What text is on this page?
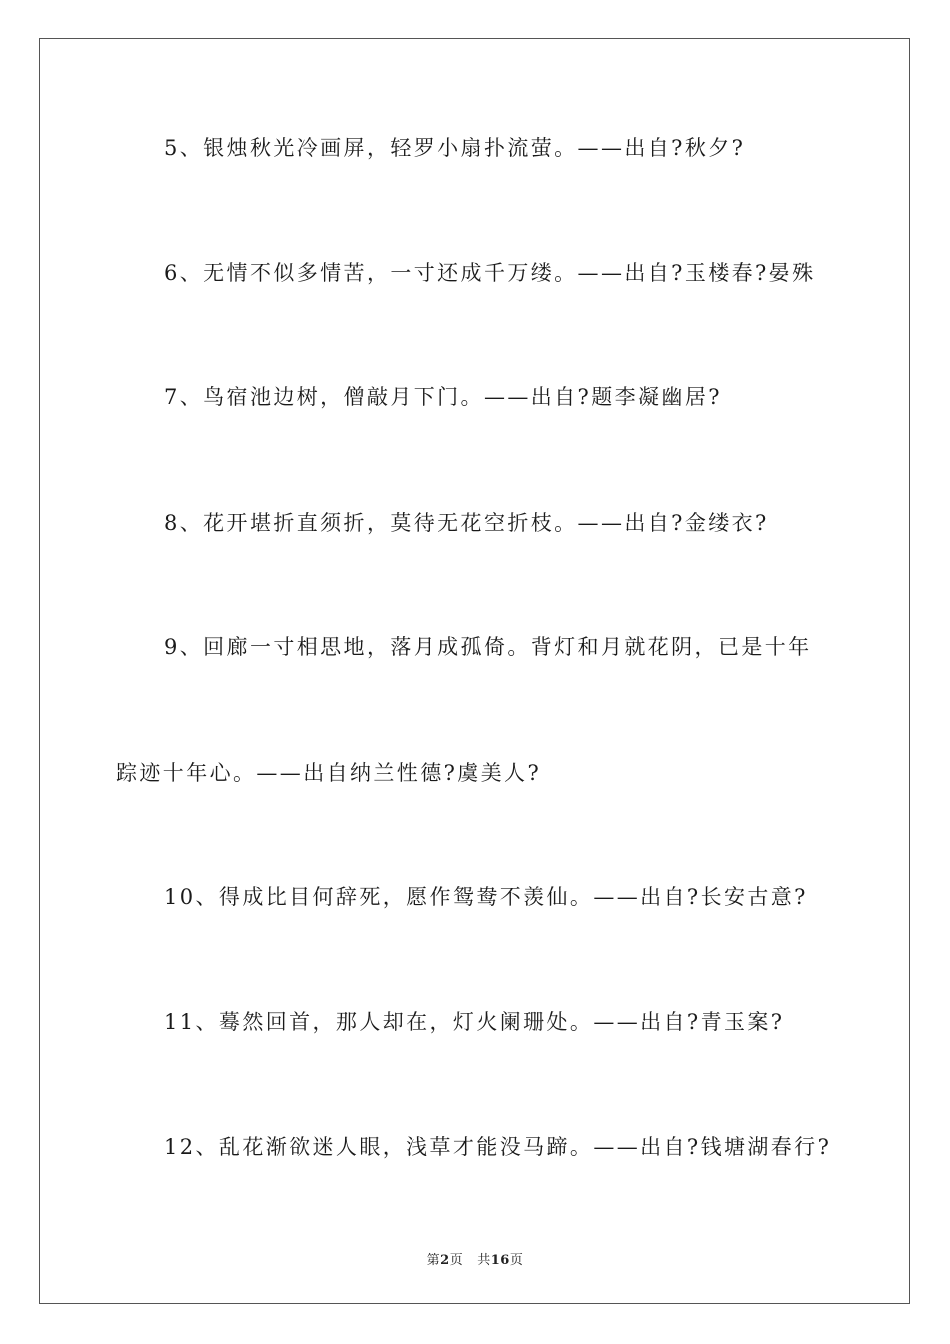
5、银烛秋光冷画屏，轻罗小扇扑流萤。——出自?秋夕?
6、无情不似多情苦，一寸还成千万缕。——出自?玉楼春?晏殊
7、鸟宿池边树，僧敲月下门。——出自?题李凝幽居?
8、花开堪折直须折，莫待无花空折枝。——出自?金缕衣?
9、回廊一寸相思地，落月成孤倚。背灯和月就花阴，已是十年
踪迹十年心。——出自纳兰性德?虞美人?
10、得成比目何辞死，愿作鸳鸯不羡仙。——出自?长安古意?
11、蓦然回首，那人却在，灯火阑珊处。——出自?青玉案?
12、乱花渐欲迷人眼，浅草才能没马蹄。——出自?钱塘湖春行?
第2页 共16页
